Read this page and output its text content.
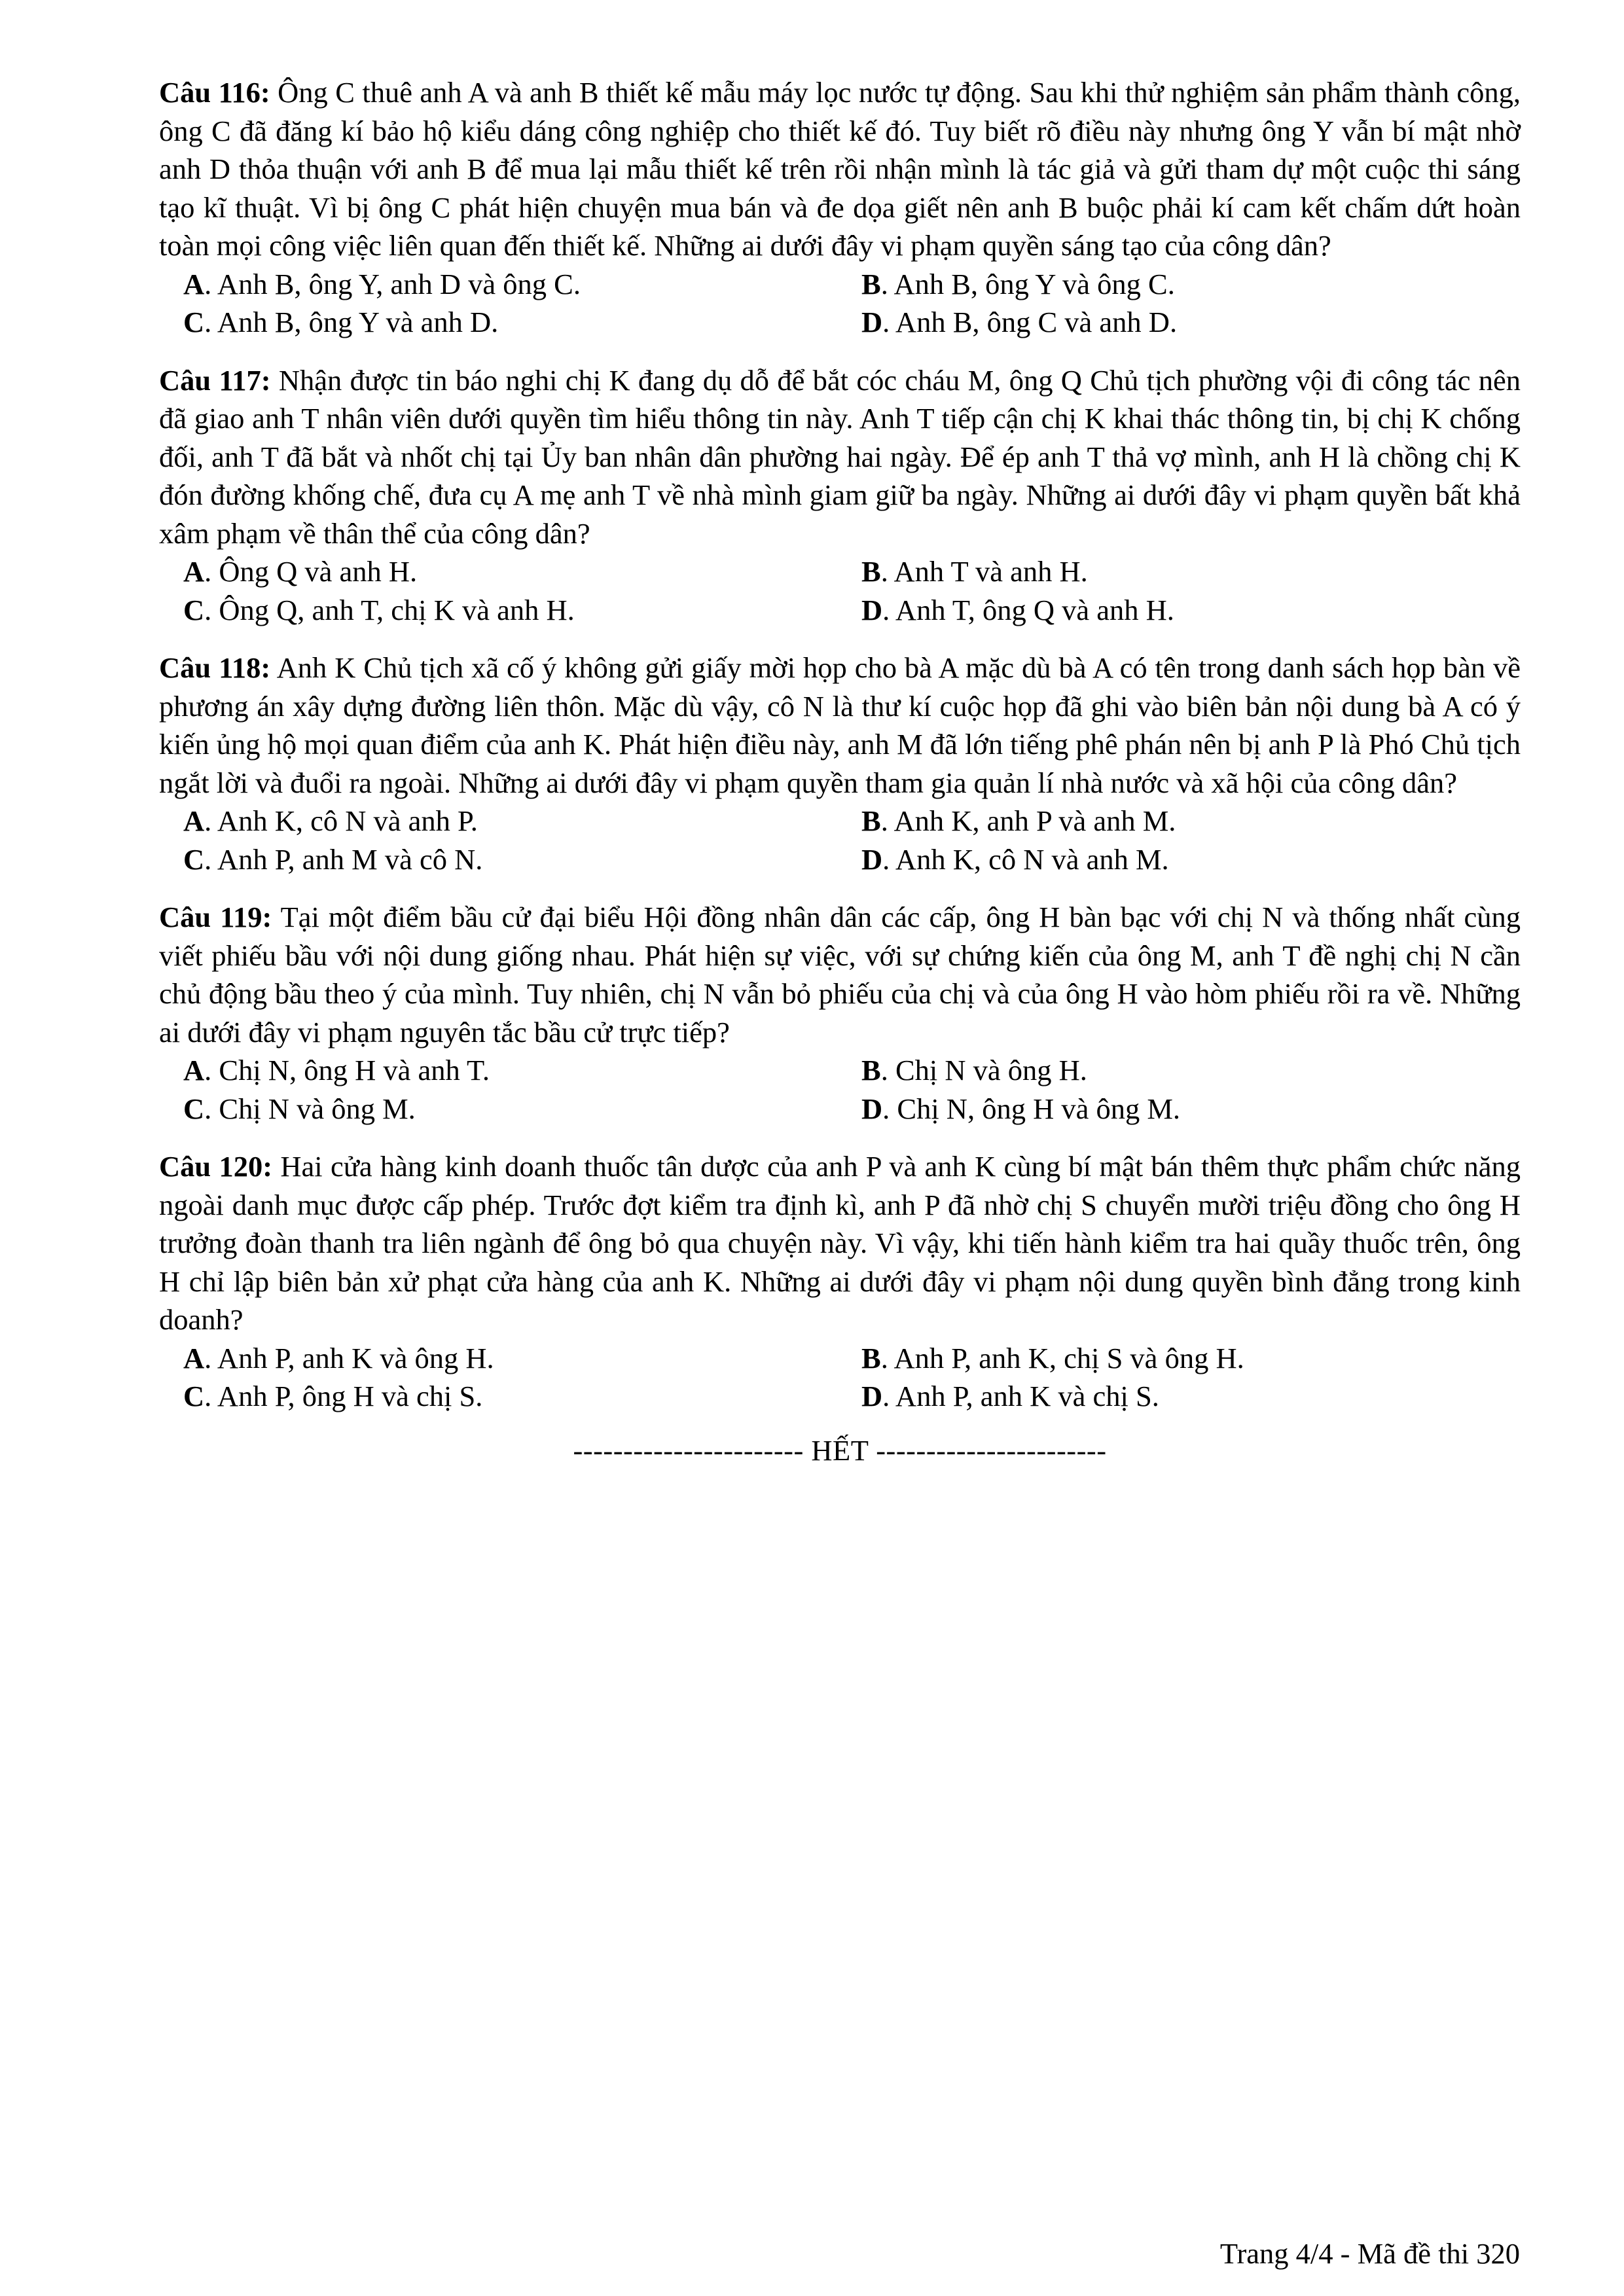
Câu 116: Ông C thuê anh A và anh B thiết kế mẫu máy lọc nước tự động. Sau khi thử nghiệm sản phẩm thành công, ông C đã đăng kí bảo hộ kiểu dáng công nghiệp cho thiết kế đó. Tuy biết rõ điều này nhưng ông Y vẫn bí mật nhờ anh D thỏa thuận với anh B để mua lại mẫu thiết kế trên rồi nhận mình là tác giả và gửi tham dự một cuộc thi sáng tạo kĩ thuật. Vì bị ông C phát hiện chuyện mua bán và đe dọa giết nên anh B buộc phải kí cam kết chấm dứt hoàn toàn mọi công việc liên quan đến thiết kế. Những ai dưới đây vi phạm quyền sáng tạo của công dân?

A. Anh B, ông Y, anh D và ông C.	B. Anh B, ông Y và ông C.
C. Anh B, ông Y và anh D.	D. Anh B, ông C và anh D.

Câu 117: Nhận được tin báo nghi chị K đang dụ dỗ để bắt cóc cháu M, ông Q Chủ tịch phường vội đi công tác nên đã giao anh T nhân viên dưới quyền tìm hiểu thông tin này. Anh T tiếp cận chị K khai thác thông tin, bị chị K chống đối, anh T đã bắt và nhốt chị tại Ủy ban nhân dân phường hai ngày. Để ép anh T thả vợ mình, anh H là chồng chị K đón đường khống chế, đưa cụ A mẹ anh T về nhà mình giam giữ ba ngày. Những ai dưới đây vi phạm quyền bất khả xâm phạm về thân thể của công dân?

A. Ông Q và anh H.	B. Anh T và anh H.
C. Ông Q, anh T, chị K và anh H.	D. Anh T, ông Q và anh H.

Câu 118: Anh K Chủ tịch xã cố ý không gửi giấy mời họp cho bà A mặc dù bà A có tên trong danh sách họp bàn về phương án xây dựng đường liên thôn. Mặc dù vậy, cô N là thư kí cuộc họp đã ghi vào biên bản nội dung bà A có ý kiến ủng hộ mọi quan điểm của anh K. Phát hiện điều này, anh M đã lớn tiếng phê phán nên bị anh P là Phó Chủ tịch ngắt lời và đuổi ra ngoài. Những ai dưới đây vi phạm quyền tham gia quản lí nhà nước và xã hội của công dân?

A. Anh K, cô N và anh P.	B. Anh K, anh P và anh M.
C. Anh P, anh M và cô N.	D. Anh K, cô N và anh M.

Câu 119: Tại một điểm bầu cử đại biểu Hội đồng nhân dân các cấp, ông H bàn bạc với chị N và thống nhất cùng viết phiếu bầu với nội dung giống nhau. Phát hiện sự việc, với sự chứng kiến của ông M, anh T đề nghị chị N cần chủ động bầu theo ý của mình. Tuy nhiên, chị N vẫn bỏ phiếu của chị và của ông H vào hòm phiếu rồi ra về. Những ai dưới đây vi phạm nguyên tắc bầu cử trực tiếp?

A. Chị N, ông H và anh T.	B. Chị N và ông H.
C. Chị N và ông M.	D. Chị N, ông H và ông M.

Câu 120: Hai cửa hàng kinh doanh thuốc tân dược của anh P và anh K cùng bí mật bán thêm thực phẩm chức năng ngoài danh mục được cấp phép. Trước đợt kiểm tra định kì, anh P đã nhờ chị S chuyển mười triệu đồng cho ông H trưởng đoàn thanh tra liên ngành để ông bỏ qua chuyện này. Vì vậy, khi tiến hành kiểm tra hai quầy thuốc trên, ông H chỉ lập biên bản xử phạt cửa hàng của anh K. Những ai dưới đây vi phạm nội dung quyền bình đẳng trong kinh doanh?

A. Anh P, anh K và ông H.	B. Anh P, anh K, chị S và ông H.
C. Anh P, ông H và chị S.	D. Anh P, anh K và chị S.
----------------------- HẾT -----------------------
Trang 4/4 - Mã đề thi 320
